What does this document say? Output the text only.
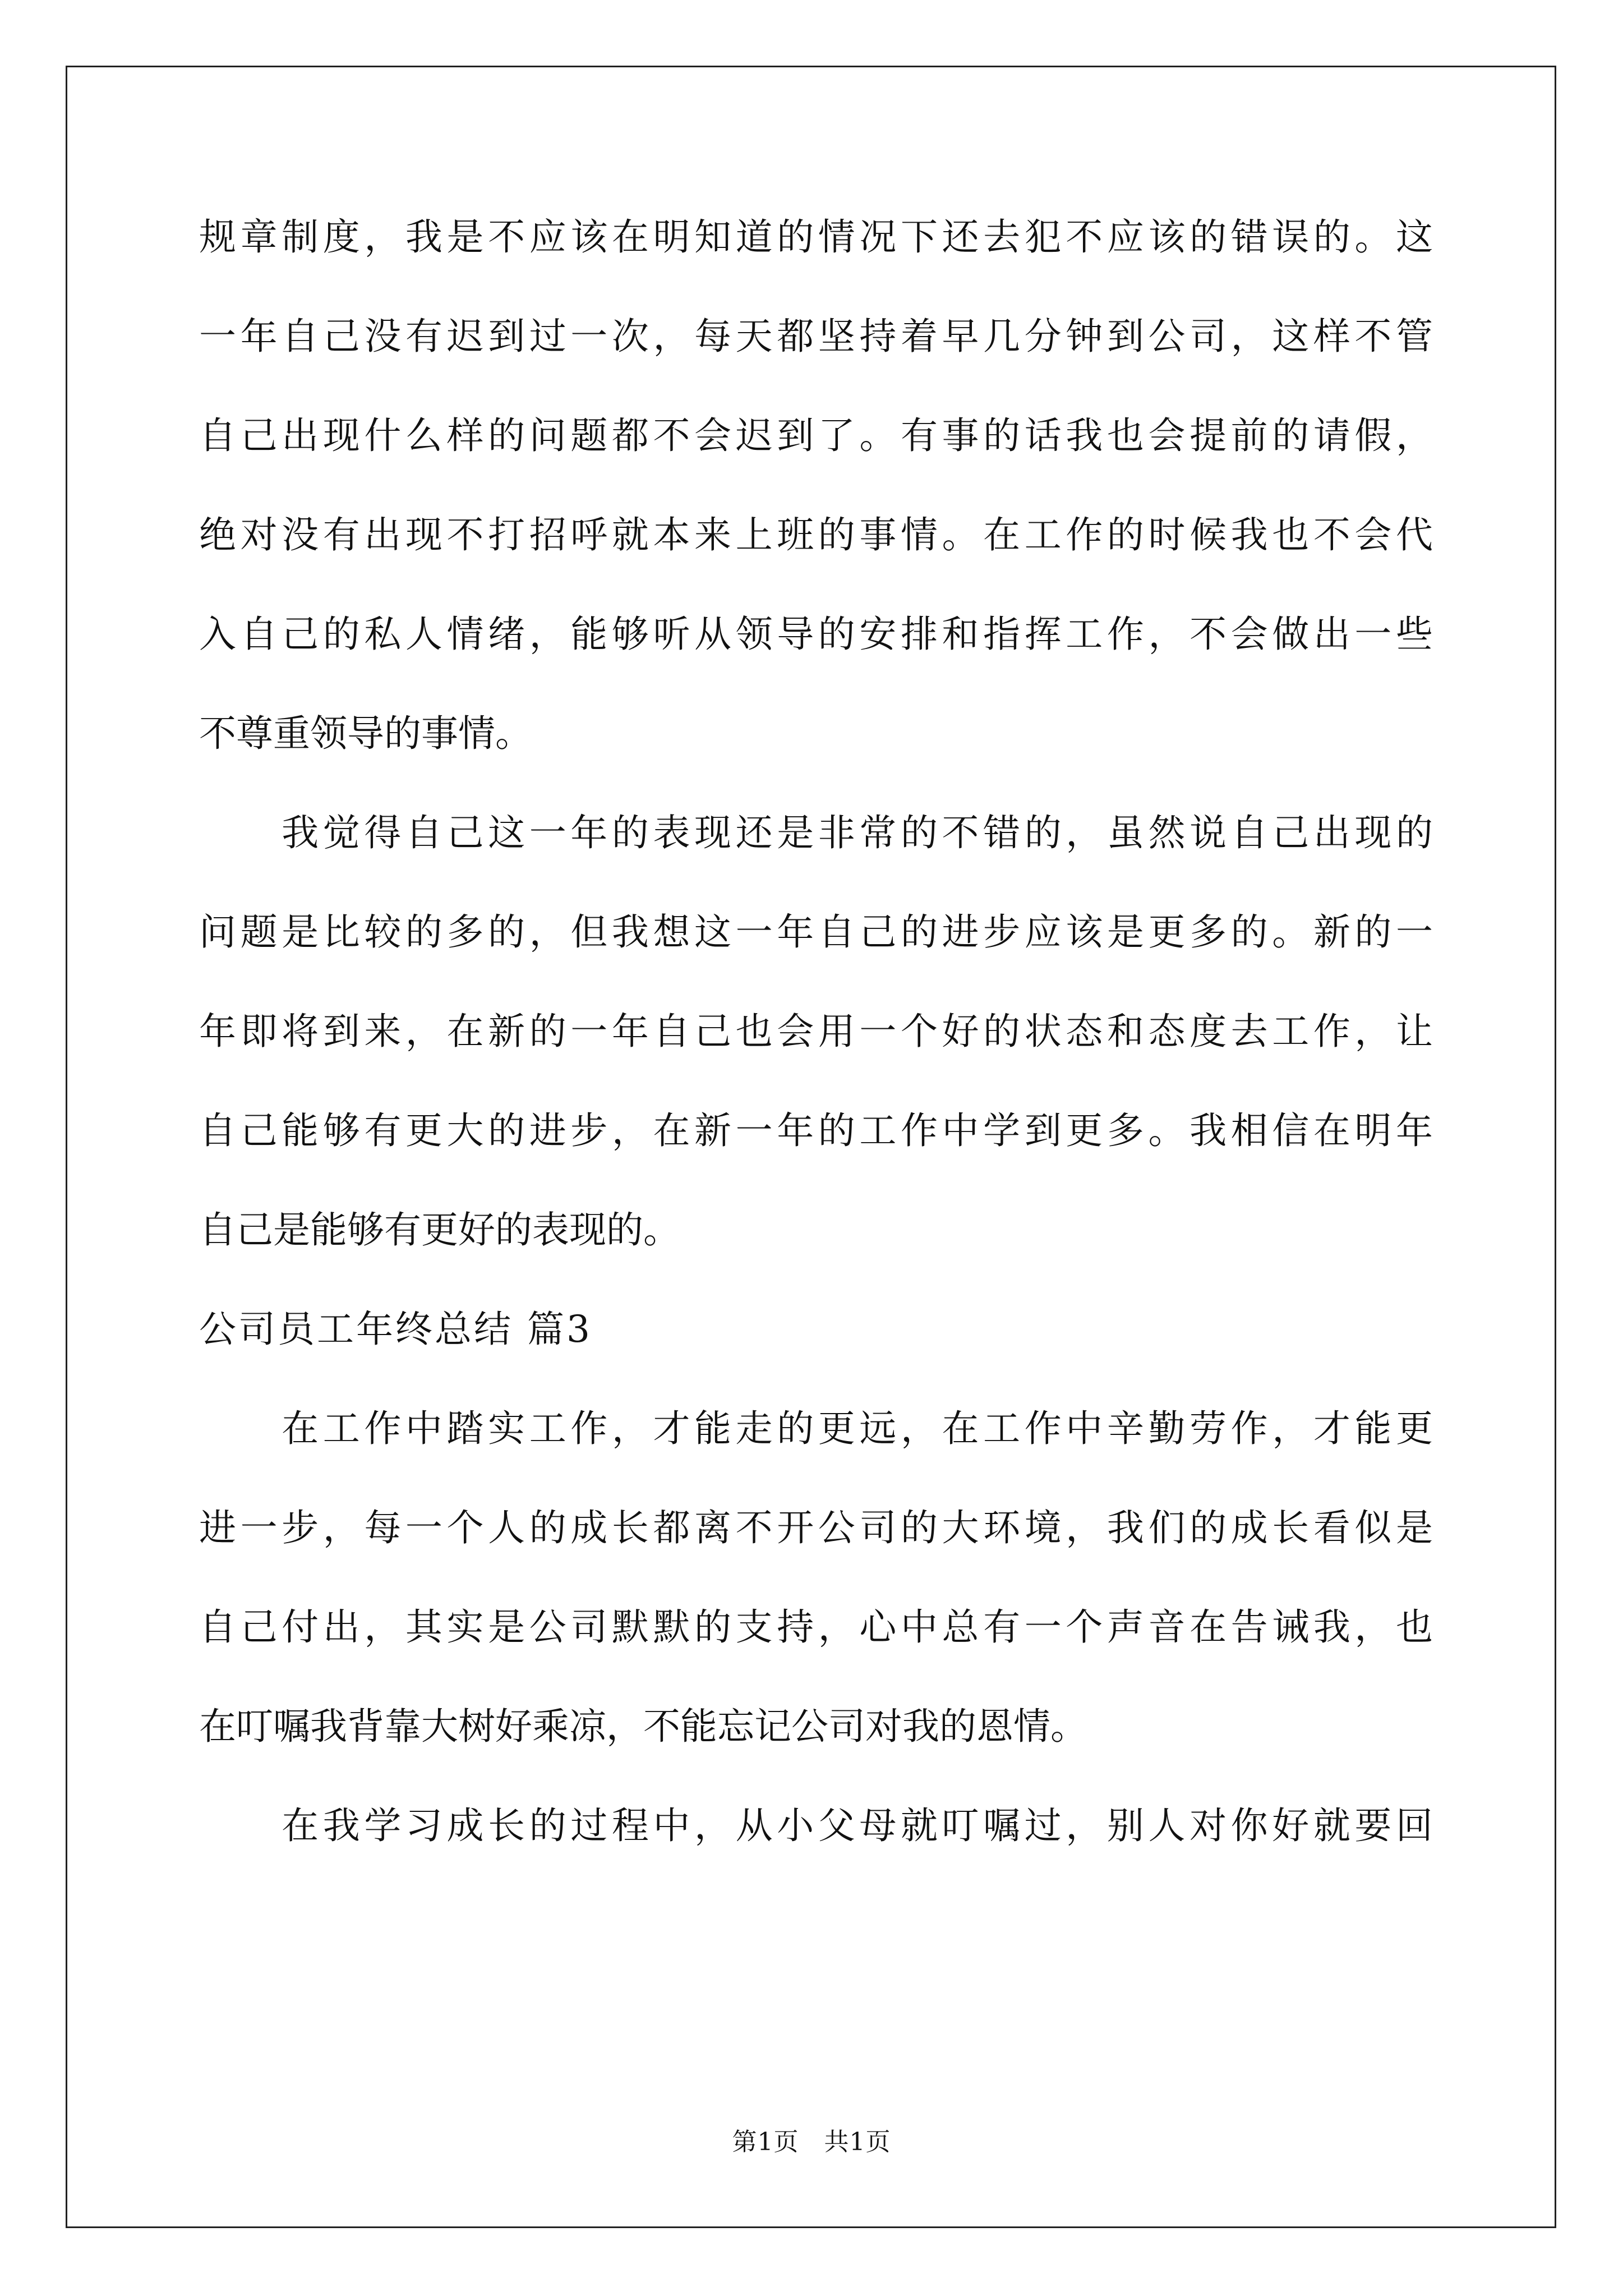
规章制度，我是不应该在明知道的情况下还去犯不应该的错误的。这
一年自己没有迟到过一次，每天都坚持着早几分钟到公司，这样不管
自己出现什么样的问题都不会迟到了。有事的话我也会提前的请假，
绝对没有出现不打招呼就本来上班的事情。在工作的时候我也不会代
入自己的私人情绪，能够听从领导的安排和指挥工作，不会做出一些
不尊重领导的事情。
　　我觉得自己这一年的表现还是非常的不错的，虽然说自己出现的
问题是比较的多的，但我想这一年自己的进步应该是更多的。新的一
年即将到来，在新的一年自己也会用一个好的状态和态度去工作，让
自己能够有更大的进步，在新一年的工作中学到更多。我相信在明年
自己是能够有更好的表现的。
公司员工年终总结 篇3
　　在工作中踏实工作，才能走的更远，在工作中辛勤劳作，才能更
进一步，每一个人的成长都离不开公司的大环境，我们的成长看似是
自己付出，其实是公司默默的支持，心中总有一个声音在告诫我，也
在叮嘱我背靠大树好乘凉，不能忘记公司对我的恩情。
　　在我学习成长的过程中，从小父母就叮嘱过，别人对你好就要回
第1页　共1页
